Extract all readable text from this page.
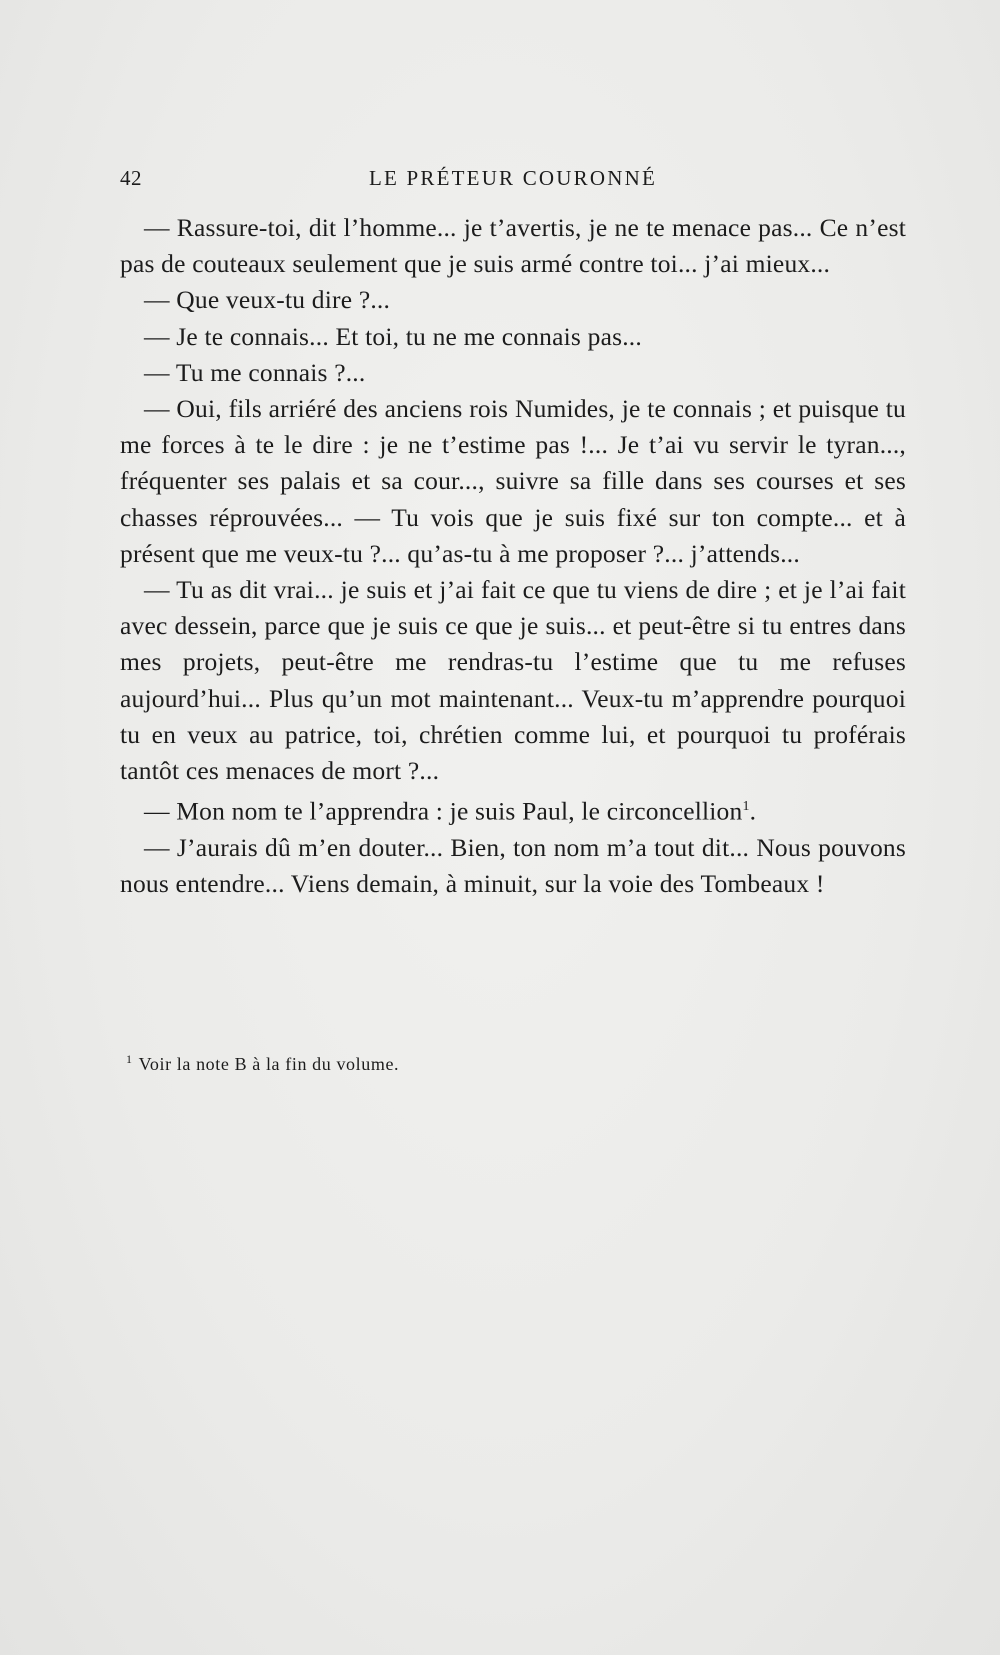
42	LE PRÉTEUR COURONNÉ

— Rassure-toi, dit l’homme... je t’avertis, je ne te menace pas... Ce n’est pas de couteaux seulement que je suis armé contre toi... j’ai mieux...

— Que veux-tu dire ?...

— Je te connais... Et toi, tu ne me connais pas...

— Tu me connais ?...

— Oui, fils arriéré des anciens rois Numides, je te connais ; et puisque tu me forces à te le dire : je ne t’estime pas !... Je t’ai vu servir le tyran..., fréquenter ses palais et sa cour..., suivre sa fille dans ses courses et ses chasses réprouvées... — Tu vois que je suis fixé sur ton compte... et à présent que me veux-tu ?... qu’as-tu à me proposer ?... j’attends...

— Tu as dit vrai... je suis et j’ai fait ce que tu viens de dire ; et je l’ai fait avec dessein, parce que je suis ce que je suis... et peut-être si tu entres dans mes projets, peut-être me rendras-tu l’estime que tu me refuses aujourd’hui... Plus qu’un mot maintenant... Veux-tu m’apprendre pourquoi tu en veux au patrice, toi, chrétien comme lui, et pourquoi tu proférais tantôt ces menaces de mort ?...

— Mon nom te l’apprendra : je suis Paul, le circoncellion$^1$.

— J’aurais dû m’en douter... Bien, ton nom m’a tout dit... Nous pouvons nous entendre... Viens demain, à minuit, sur la voie des Tombeaux !

$^1$ Voir la note B à la fin du volume.
